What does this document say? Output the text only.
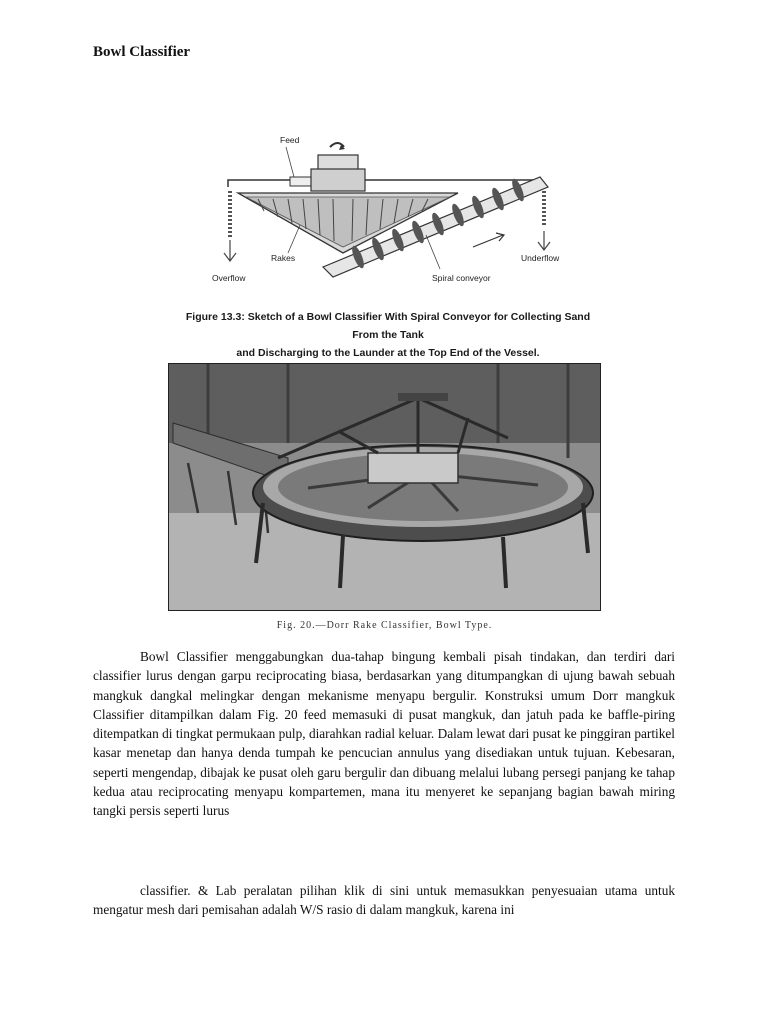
Bowl Classifier
Feed
Rakes
Overflow	Spiral conveyor
Underflow
Figure 13.3: Sketch of a Bowl Classifier With Spiral Conveyor for Collecting Sand From the Tank
and Discharging to the Launder at the Top End of the Vessel.
Fig. 20.—Dorr Rake Classifier, Bowl Type.

Bowl Classifier menggabungkan dua-tahap bingung kembali pisah tindakan, dan terdiri dari classifier lurus dengan garpu reciprocating biasa, berdasarkan yang ditumpangkan di ujung bawah sebuah mangkuk dangkal melingkar dengan mekanisme menyapu bergulir. Konstruksi umum Dorr mangkuk Classifier ditampilkan dalam Fig. 20 feed memasuki di pusat mangkuk, dan jatuh pada ke baffle-piring ditempatkan di tingkat permukaan pulp, diarahkan radial keluar. Dalam lewat dari pusat ke pinggiran partikel kasar menetap dan hanya denda tumpah ke pencucian annulus yang disediakan untuk tujuan. Kebesaran, seperti mengendap, dibajak ke pusat oleh garu bergulir dan dibuang melalui lubang persegi panjang ke tahap kedua atau reciprocating menyapu kompartemen, mana itu menyeret ke sepanjang bagian bawah miring tangki persis seperti lurus

classifier. & Lab peralatan pilihan klik di sini untuk memasukkan penyesuaian utama untuk mengatur mesh dari pemisahan adalah W/S rasio di dalam mangkuk, karena ini
